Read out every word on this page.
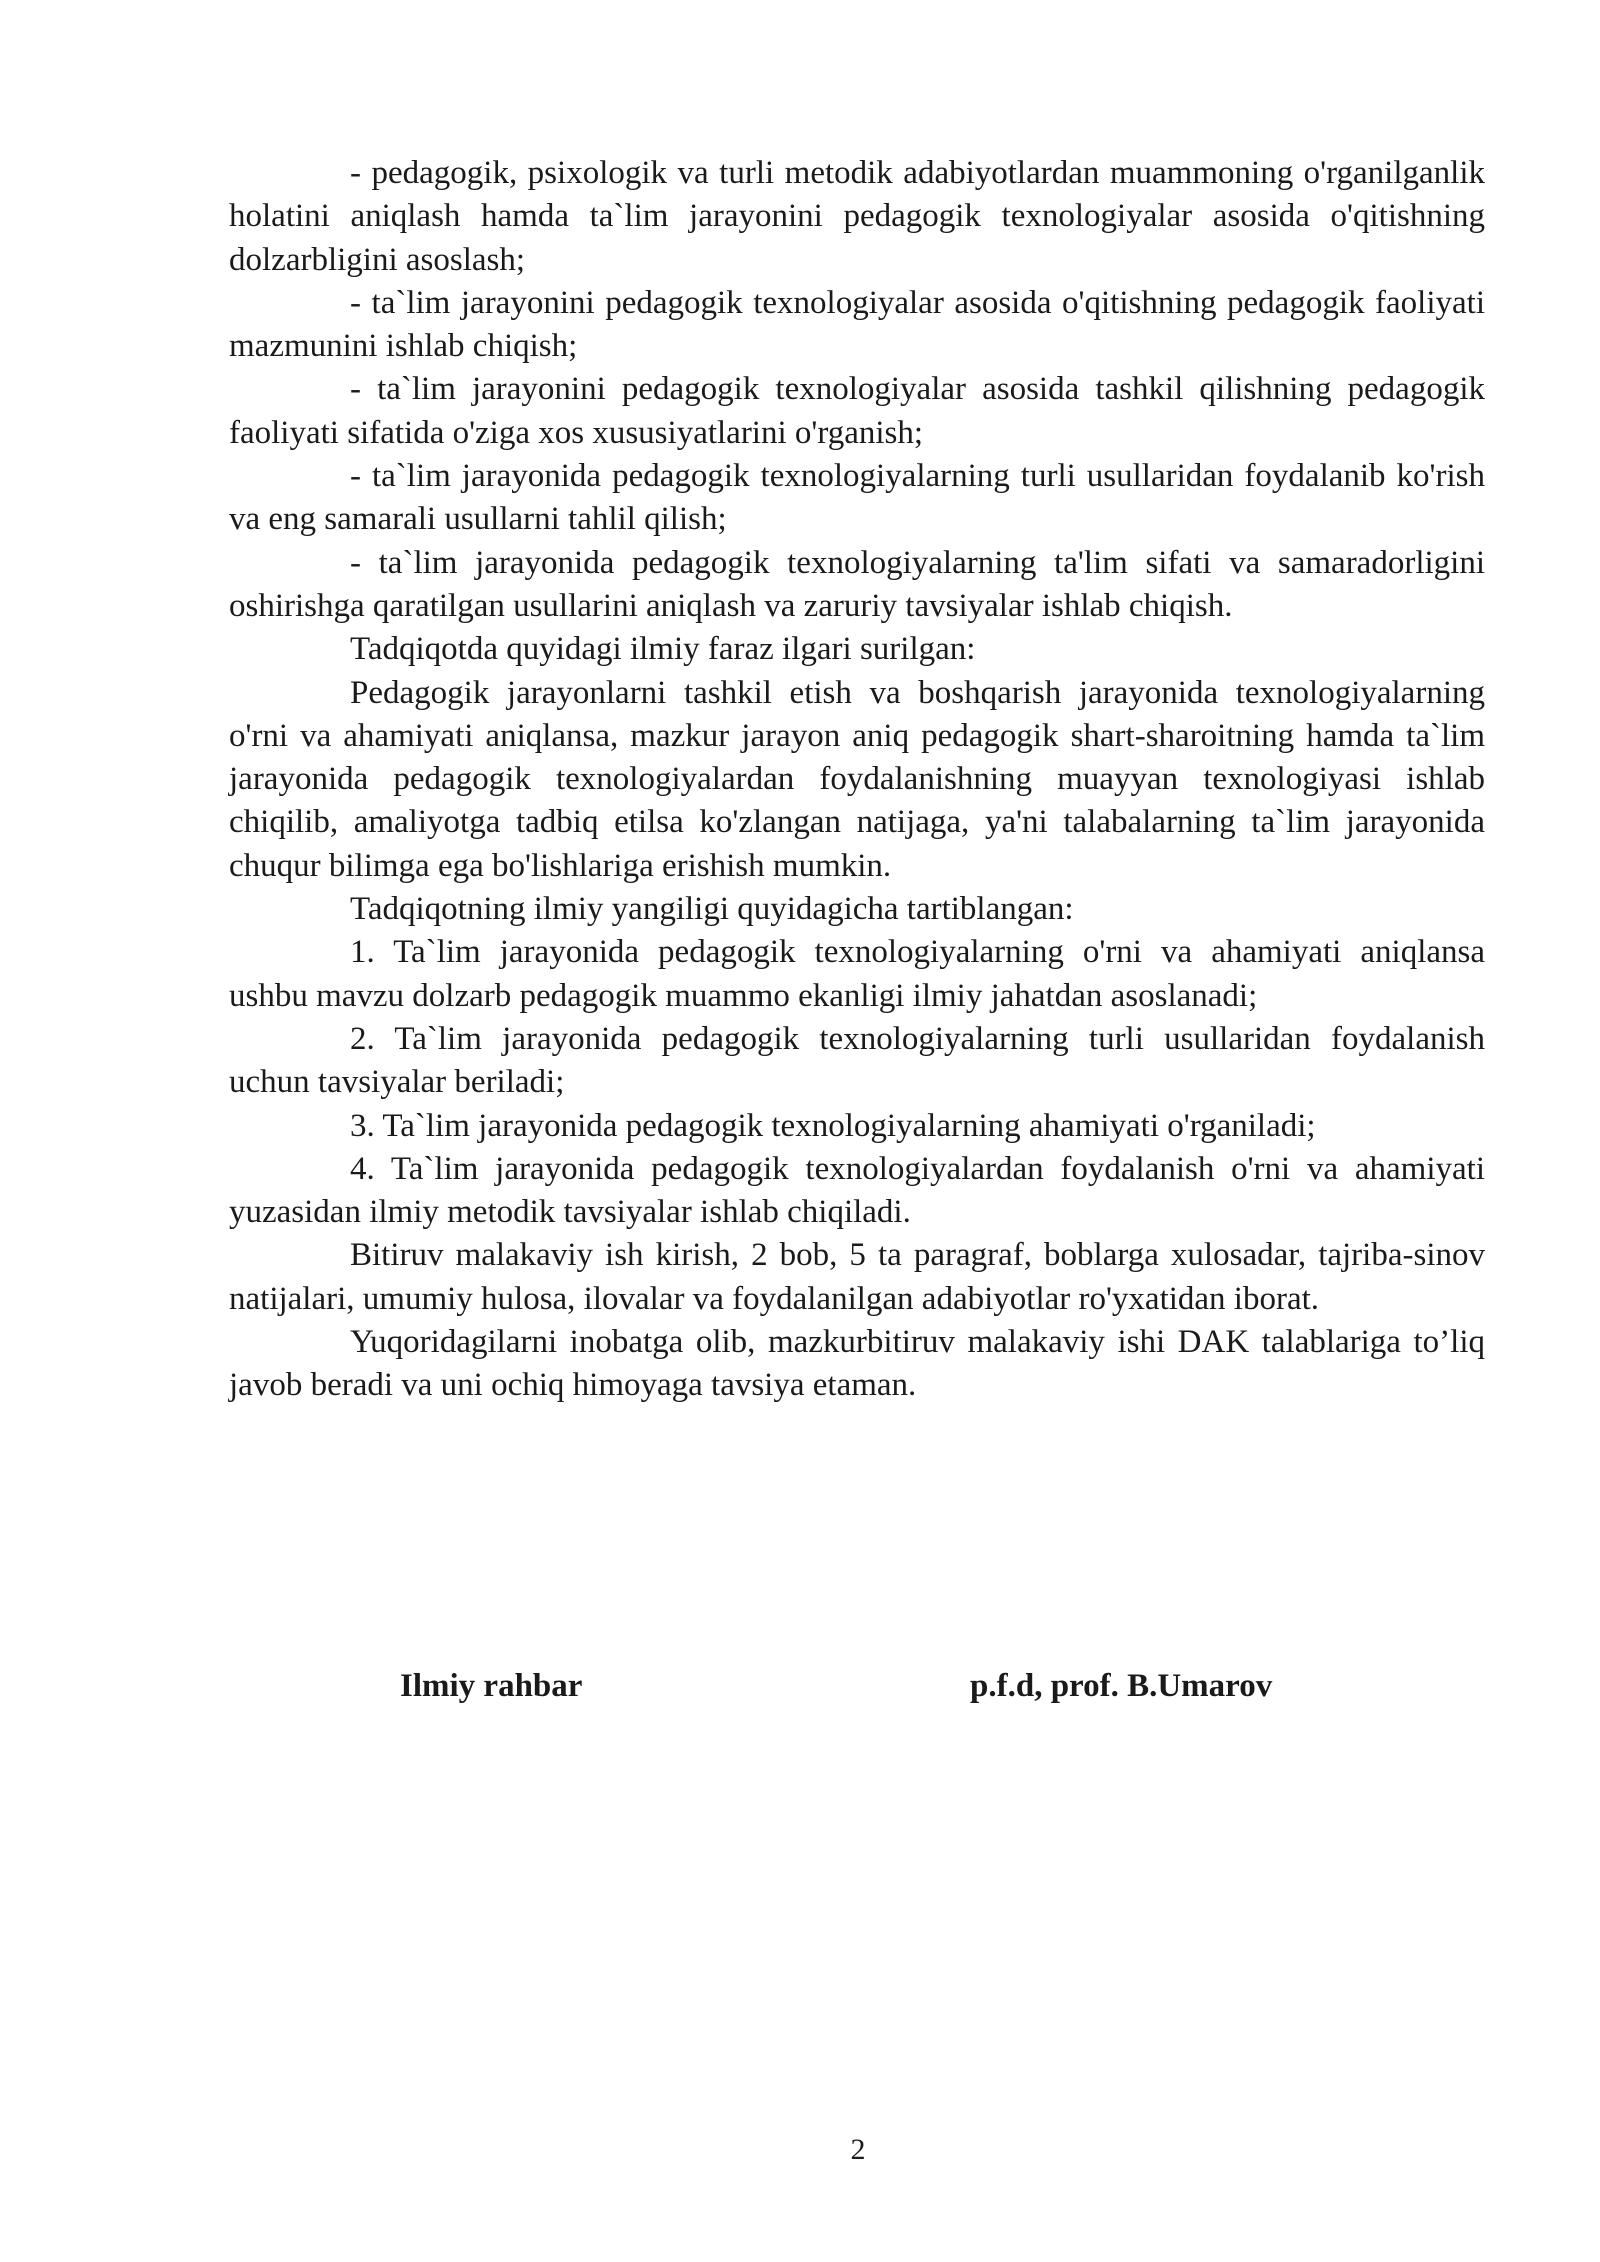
- pedagogik, psixologik va turli metodik adabiyotlardan muammoning o'rganilganlik holatini aniqlash hamda ta`lim jarayonini pedagogik texnologiyalar asosida o'qitishning dolzarbligini asoslash;

- ta`lim jarayonini pedagogik texnologiyalar asosida o'qitishning pedagogik faoliyati mazmunini ishlab chiqish;

- ta`lim jarayonini pedagogik texnologiyalar asosida tashkil qilishning pedagogik faoliyati sifatida o'ziga xos xususiyatlarini o'rganish;

- ta`lim jarayonida pedagogik texnologiyalarning turli usullaridan foydalanib ko'rish va eng samarali usullarni tahlil qilish;

- ta`lim jarayonida pedagogik texnologiyalarning ta'lim sifati va samaradorligini oshirishga qaratilgan usullarini aniqlash va zaruriy tavsiyalar ishlab chiqish.

Tadqiqotda quyidagi ilmiy faraz ilgari surilgan:

Pedagogik jarayonlarni tashkil etish va boshqarish jarayonida texnologiyalarning o'rni va ahamiyati aniqlansa, mazkur jarayon aniq pedagogik shart-sharoitning hamda ta`lim jarayonida pedagogik texnologiyalardan foydalanishning muayyan texnologiyasi ishlab chiqilib, amaliyotga tadbiq etilsa ko'zlangan natijaga, ya'ni talabalarning ta`lim jarayonida chuqur bilimga ega bo'lishlariga erishish mumkin.

Tadqiqotning ilmiy yangiligi quyidagicha tartiblangan:

1. Ta`lim jarayonida pedagogik texnologiyalarning o'rni va ahamiyati aniqlansa ushbu mavzu dolzarb pedagogik muammo ekanligi ilmiy jahatdan asoslanadi;

2. Ta`lim jarayonida pedagogik texnologiyalarning turli usullaridan foydalanish uchun tavsiyalar beriladi;

3. Ta`lim jarayonida pedagogik texnologiyalarning ahamiyati o'rganiladi;

4. Ta`lim jarayonida pedagogik texnologiyalardan foydalanish o'rni va ahamiyati yuzasidan ilmiy metodik tavsiyalar ishlab chiqiladi.

Bitiruv malakaviy ish kirish, 2 bob, 5 ta paragraf, boblarga xulosadar, tajriba-sinov natijalari, umumiy hulosa, ilovalar va foydalanilgan adabiyotlar ro'yxatidan iborat.

Yuqoridagilarni inobatga olib, mazkurbitiruv malakaviy ishi DAK talablariga to’liq javob beradi va uni ochiq himoyaga tavsiya etaman.

Ilmiy rahbar	p.f.d, prof. B.Umarov
2
